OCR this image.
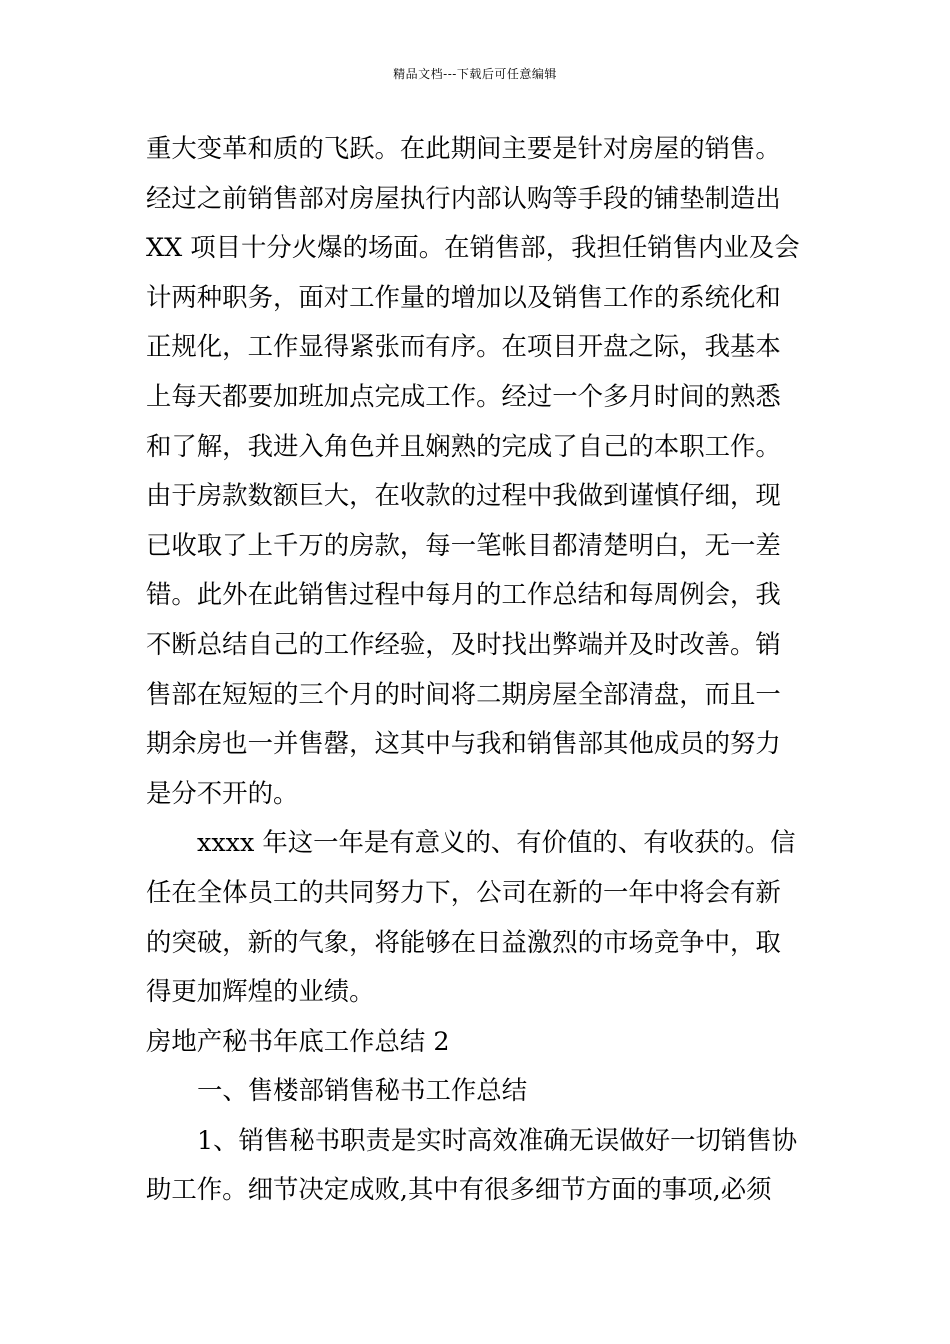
精品文档---下载后可任意编辑
重大变革和质的飞跃。在此期间主要是针对房屋的销售。
经过之前销售部对房屋执行内部认购等手段的铺垫制造出
XX 项目十分火爆的场面。在销售部，我担任销售内业及会
计两种职务，面对工作量的增加以及销售工作的系统化和
正规化，工作显得紧张而有序。在项目开盘之际，我基本
上每天都要加班加点完成工作。经过一个多月时间的熟悉
和了解，我进入角色并且娴熟的完成了自己的本职工作。
由于房款数额巨大，在收款的过程中我做到谨慎仔细，现
已收取了上千万的房款，每一笔帐目都清楚明白，无一差
错。此外在此销售过程中每月的工作总结和每周例会，我
不断总结自己的工作经验，及时找出弊端并及时改善。销
售部在短短的三个月的时间将二期房屋全部清盘，而且一
期余房也一并售罄，这其中与我和销售部其他成员的努力
是分不开的。
xxxx 年这一年是有意义的、有价值的、有收获的。信
任在全体员工的共同努力下，公司在新的一年中将会有新
的突破，新的气象，将能够在日益激烈的市场竞争中，取
得更加辉煌的业绩。
房地产秘书年底工作总结 2
一、售楼部销售秘书工作总结
1、销售秘书职责是实时高效准确无误做好一切销售协
助工作。细节决定成败,其中有很多细节方面的事项,必须
